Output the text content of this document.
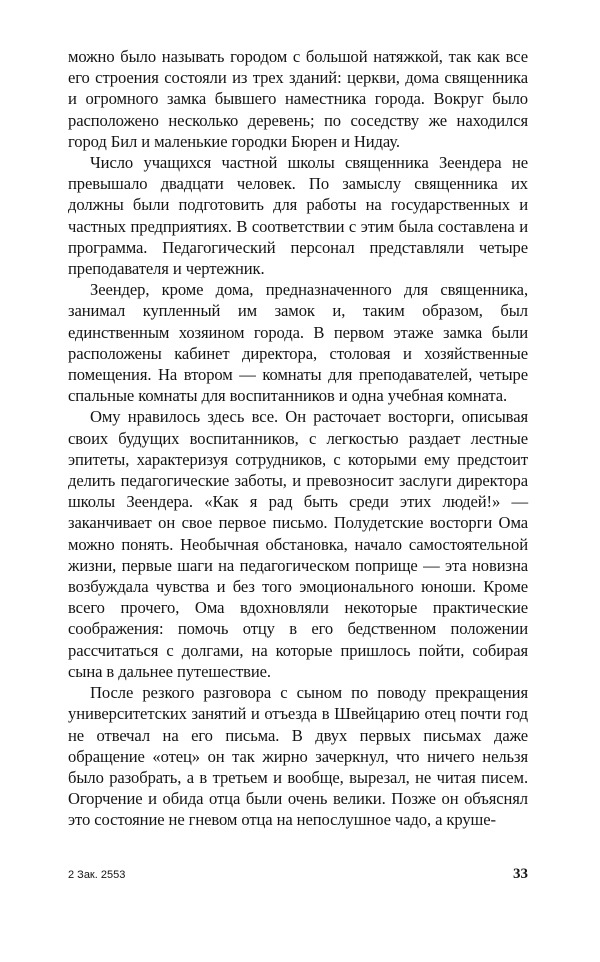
можно было называть городом с большой натяжкой, так как все его строения состояли из трех зданий: церкви, дома священника и огромного замка бывшего наместника города. Вокруг было расположено несколько деревень; по соседству же находился город Бил и маленькие городки Бюрен и Нидау.

Число учащихся частной школы священника Зеендера не превышало двадцати человек. По замыслу священника их должны были подготовить для работы на государственных и частных предприятиях. В соответствии с этим была составлена и программа. Педагогический персонал представляли четыре преподавателя и чертежник.

Зеендер, кроме дома, предназначенного для священника, занимал купленный им замок и, таким образом, был единственным хозяином города. В первом этаже замка были расположены кабинет директора, столовая и хозяйственные помещения. На втором — комнаты для преподавателей, четыре спальные комнаты для воспитанников и одна учебная комната.

Ому нравилось здесь все. Он расточает восторги, описывая своих будущих воспитанников, с легкостью раздает лестные эпитеты, характеризуя сотрудников, с которыми ему предстоит делить педагогические заботы, и превозносит заслуги директора школы Зеендера. «Как я рад быть среди этих людей!» — заканчивает он свое первое письмо. Полудетские восторги Ома можно понять. Необычная обстановка, начало самостоятельной жизни, первые шаги на педагогическом поприще — эта новизна возбуждала чувства и без того эмоционального юноши. Кроме всего прочего, Ома вдохновляли некоторые практические соображения: помочь отцу в его бедственном положении рассчитаться с долгами, на которые пришлось пойти, собирая сына в дальнее путешествие.

После резкого разговора с сыном по поводу прекращения университетских занятий и отъезда в Швейцарию отец почти год не отвечал на его письма. В двух первых письмах даже обращение «отец» он так жирно зачеркнул, что ничего нельзя было разобрать, а в третьем и вообще, вырезал, не читая писем. Огорчение и обида отца были очень велики. Позже он объяснял это состояние не гневом отца на непослушное чадо, а круше-

2 Зак. 2553	33
